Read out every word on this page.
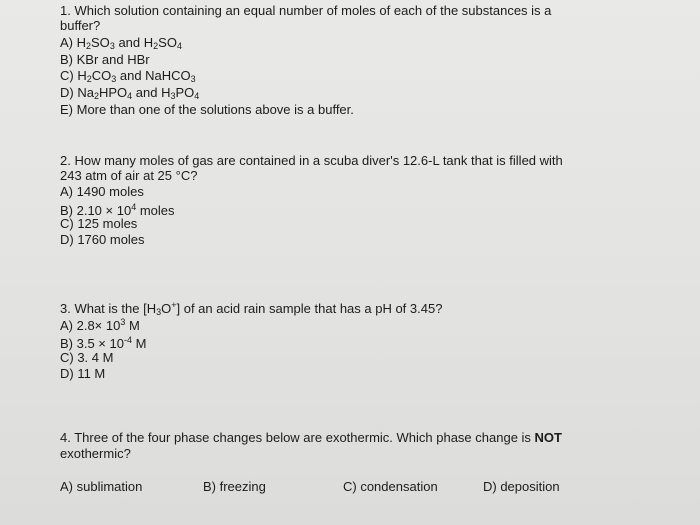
1. Which solution containing an equal number of moles of each of the substances is a
buffer?
A) $H_2SO_3$ and $H_2SO_4$
B) KBr and HBr
C) $H_2CO_3$ and NaHCO$_3$
D) $Na_2HPO_4$ and $H_3PO_4$
E) More than one of the solutions above is a buffer.
2. How many moles of gas are contained in a scuba diver's 12.6-L tank that is filled with
243 atm of air at 25 °C?
A) 1490 moles
B) $2.10 \times 10^4$ moles
C) 125 moles
D) 1760 moles
3. What is the $[H_3O^+]$ of an acid rain sample that has a pH of 3.45?
A) $2.8\times 10^3$ M
B) $3.5 \times 10^{-4}$ M
C) 3. 4 M
D) 11 M
4. Three of the four phase changes below are exothermic. Which phase change is NOT
exothermic?
A) sublimation	B) freezing	C) condensation	D) deposition
